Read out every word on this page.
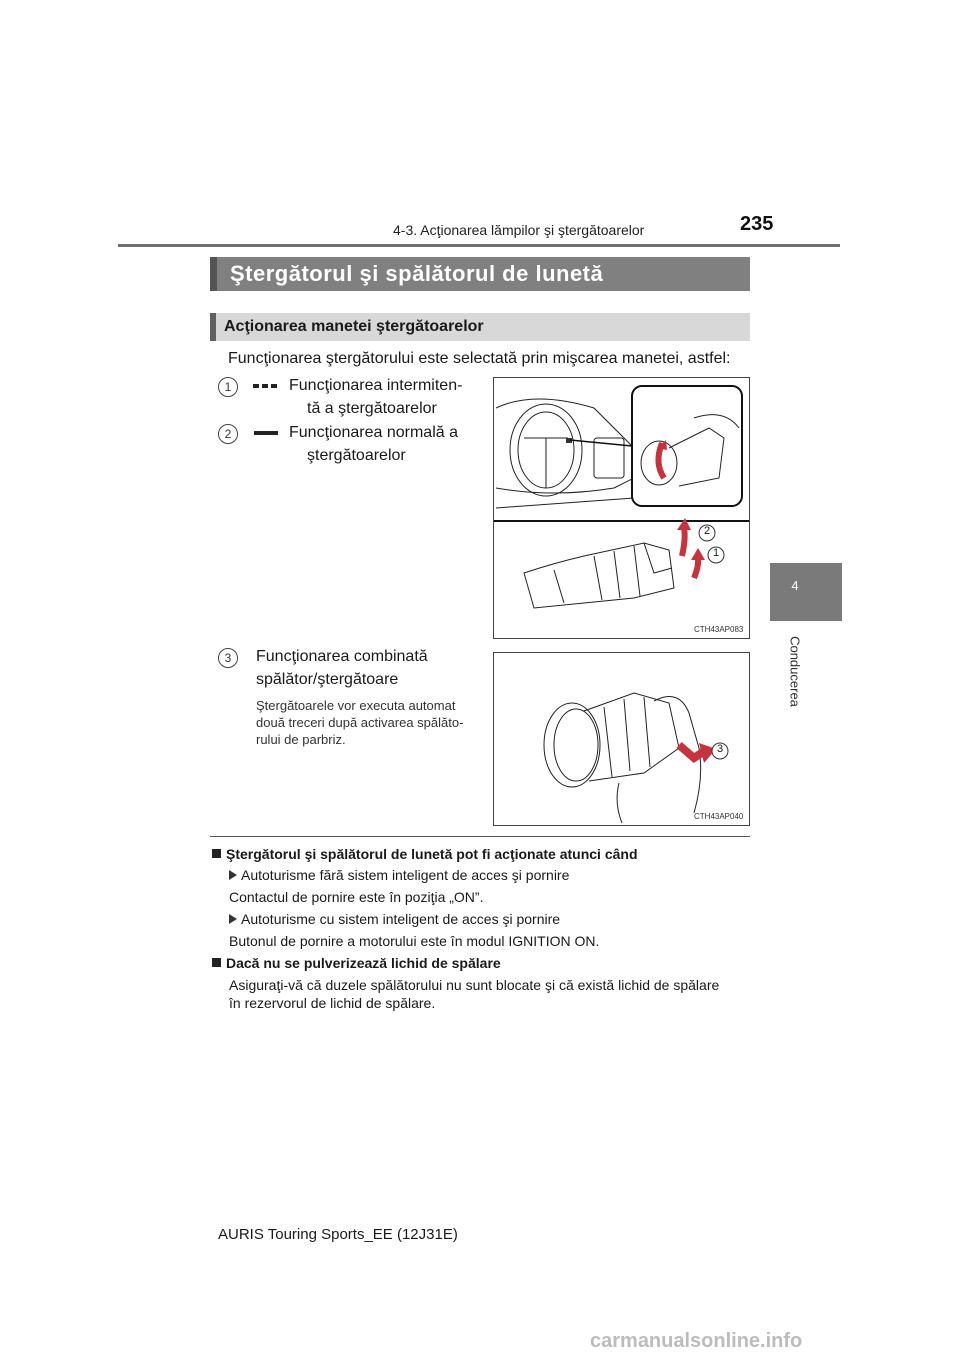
4-3. Acţionarea lămpilor şi ştergătoarelor	235
4
Conducerea
Ştergătorul şi spălătorul de lunetă
Acţionarea manetei ştergătoarelor
Funcţionarea ştergătorului este selectată prin mişcarea manetei, astfel:
1	Funcţionarea intermiten-
tă a ştergătoarelor
2	Funcţionarea normală a
ştergătoarelor
3	Funcţionarea combinată
spălător/ştergătoare
Ştergătoarele vor executa automat
două treceri după activarea spălăto-
rului de parbriz.
2
1
CTH43AP083
3
CTH43AP040
Ştergătorul şi spălătorul de lunetă pot fi acţionate atunci când
Autoturisme fără sistem inteligent de acces şi pornire
Contactul de pornire este în poziţia „ON”.
Autoturisme cu sistem inteligent de acces şi pornire
Butonul de pornire a motorului este în modul IGNITION ON.
Dacă nu se pulverizează lichid de spălare
Asiguraţi-vă că duzele spălătorului nu sunt blocate şi că există lichid de spălare
în rezervorul de lichid de spălare.
AURIS Touring Sports_EE (12J31E)
carmanualsonline.info
